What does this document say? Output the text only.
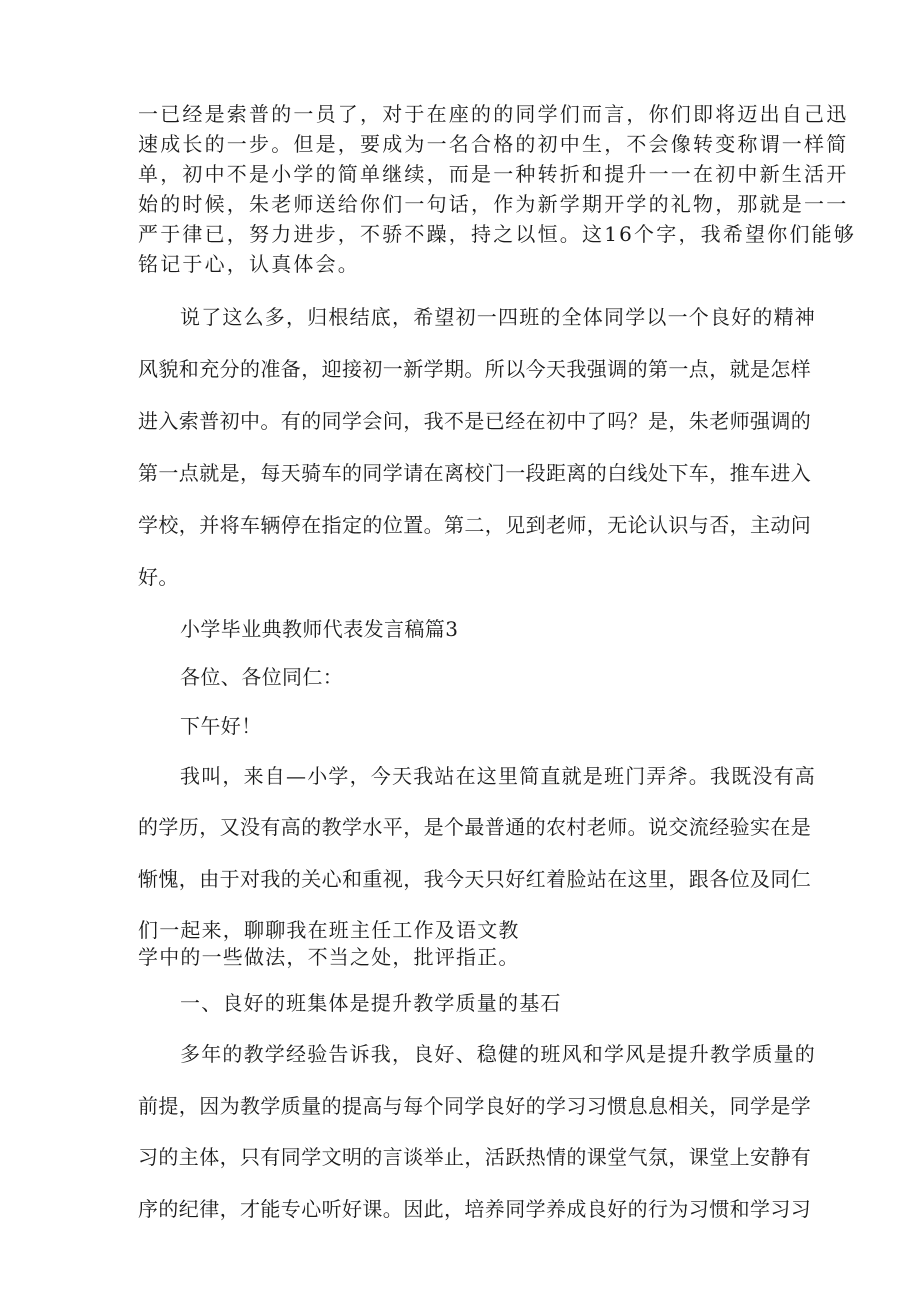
一已经是索普的一员了，对于在座的的同学们而言，你们即将迈出自己迅
速成长的一步。但是，要成为一名合格的初中生，不会像转变称谓一样简
单，初中不是小学的简单继续，而是一种转折和提升一一在初中新生活开
始的时候，朱老师送给你们一句话，作为新学期开学的礼物，那就是一一
严于律已，努力进步，不骄不躁，持之以恒。这16个字，我希望你们能够
铭记于心，认真体会。
说了这么多，归根结底，希望初一四班的全体同学以一个良好的精神
风貌和充分的准备，迎接初一新学期。所以今天我强调的第一点，就是怎样
进入索普初中。有的同学会问，我不是已经在初中了吗？是，朱老师强调的
第一点就是，每天骑车的同学请在离校门一段距离的白线处下车，推车进入
学校，并将车辆停在指定的位置。第二，见到老师，无论认识与否，主动问
好。
小学毕业典教师代表发言稿篇3
各位、各位同仁：
下午好！
我叫，来自—小学，今天我站在这里简直就是班门弄斧。我既没有高
的学历，又没有高的教学水平，是个最普通的农村老师。说交流经验实在是
惭愧，由于对我的关心和重视，我今天只好红着脸站在这里，跟各位及同仁
们一起来，聊聊我在班主任工作及语文教
学中的一些做法，不当之处，批评指正。
一、良好的班集体是提升教学质量的基石
多年的教学经验告诉我，良好、稳健的班风和学风是提升教学质量的
前提，因为教学质量的提高与每个同学良好的学习习惯息息相关，同学是学
习的主体，只有同学文明的言谈举止，活跃热情的课堂气氛，课堂上安静有
序的纪律，才能专心听好课。因此，培养同学养成良好的行为习惯和学习习
